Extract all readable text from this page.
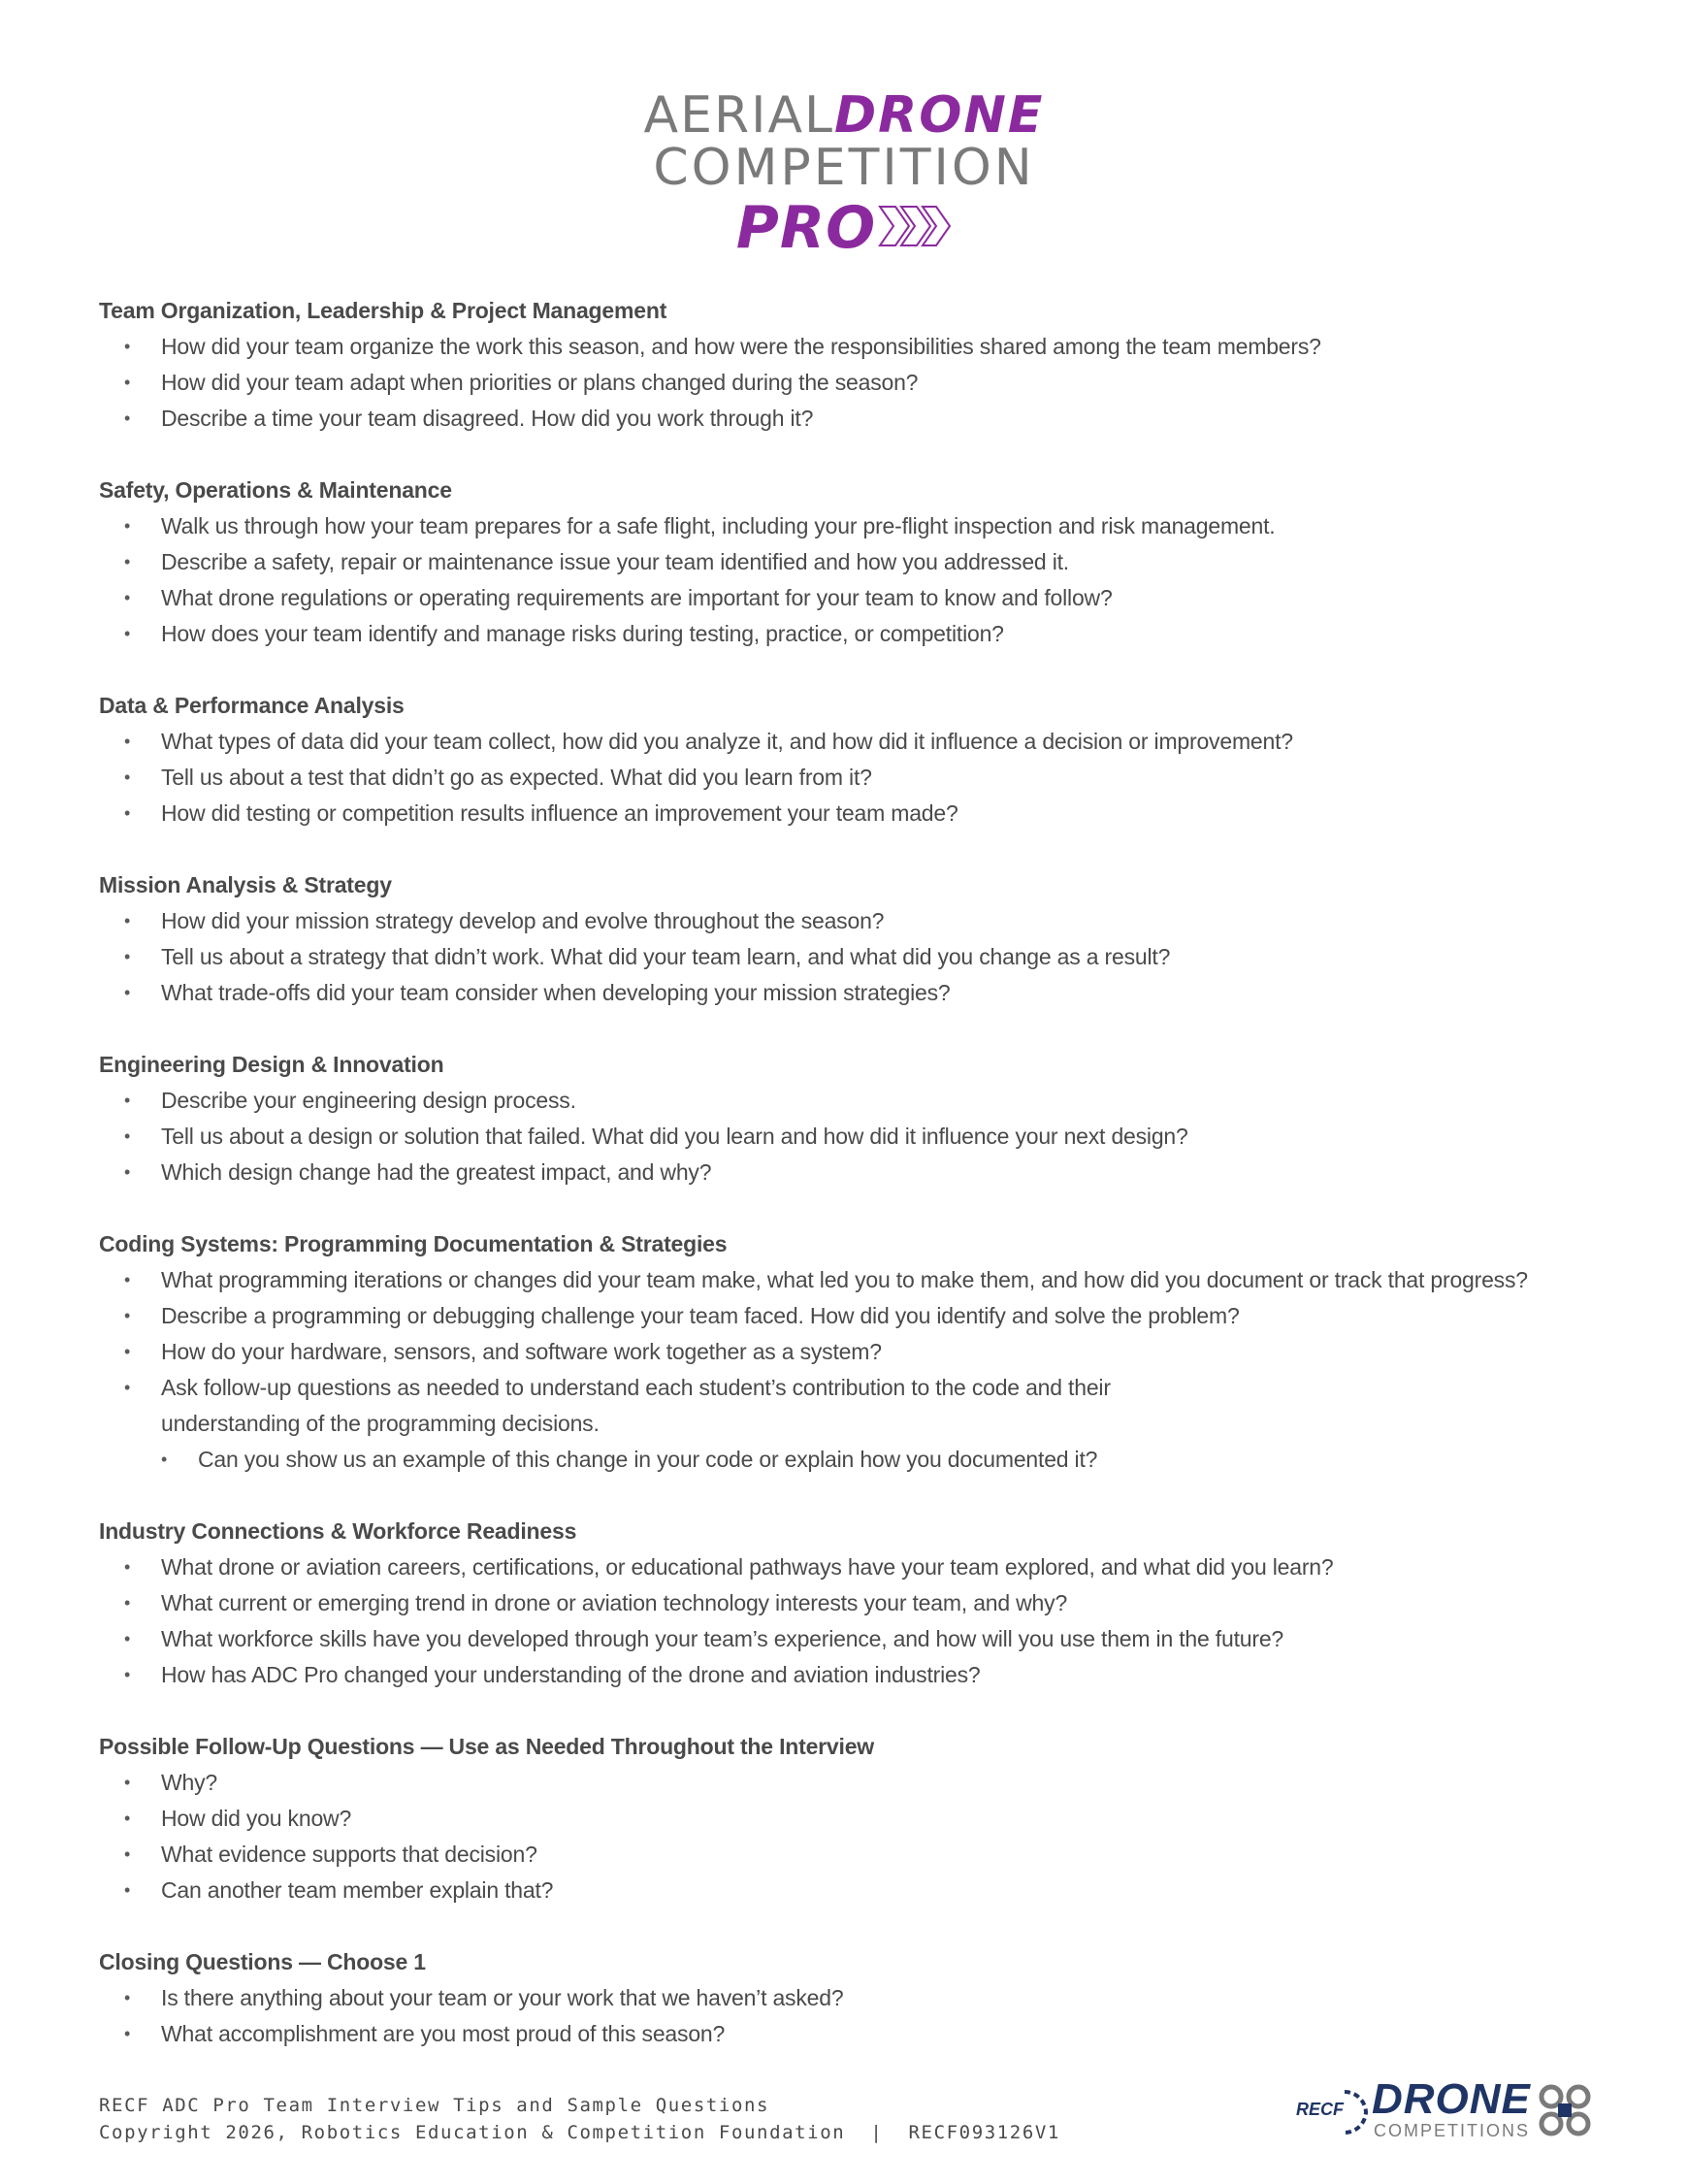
AERIALDRONE
COMPETITION
PRO
Team Organization, Leadership & Project Management
•	How did your team organize the work this season, and how were the responsibilities shared among the team members?
•	How did your team adapt when priorities or plans changed during the season?
•	Describe a time your team disagreed. How did you work through it?
Safety, Operations & Maintenance
•	Walk us through how your team prepares for a safe flight, including your pre-flight inspection and risk management.
•	Describe a safety, repair or maintenance issue your team identified and how you addressed it.
•	What drone regulations or operating requirements are important for your team to know and follow?
•	How does your team identify and manage risks during testing, practice, or competition?
Data & Performance Analysis
•	What types of data did your team collect, how did you analyze it, and how did it influence a decision or improvement?
•	Tell us about a test that didn’t go as expected. What did you learn from it?
•	How did testing or competition results influence an improvement your team made?
Mission Analysis & Strategy
•	How did your mission strategy develop and evolve throughout the season?
•	Tell us about a strategy that didn’t work. What did your team learn, and what did you change as a result?
•	What trade-offs did your team consider when developing your mission strategies?
Engineering Design & Innovation
•	Describe your engineering design process.
•	Tell us about a design or solution that failed. What did you learn and how did it influence your next design?
•	Which design change had the greatest impact, and why?
Coding Systems: Programming Documentation & Strategies
•	What programming iterations or changes did your team make, what led you to make them, and how did you document or track that progress?
•	Describe a programming or debugging challenge your team faced. How did you identify and solve the problem?
•	How do your hardware, sensors, and software work together as a system?
•	Ask follow-up questions as needed to understand each student’s contribution to the code and their understanding of the programming decisions.
•	Can you show us an example of this change in your code or explain how you documented it?
Industry Connections & Workforce Readiness
•	What drone or aviation careers, certifications, or educational pathways have your team explored, and what did you learn?
•	What current or emerging trend in drone or aviation technology interests your team, and why?
•	What workforce skills have you developed through your team’s experience, and how will you use them in the future?
•	How has ADC Pro changed your understanding of the drone and aviation industries?
Possible Follow-Up Questions — Use as Needed Throughout the Interview
•	Why?
•	How did you know?
•	What evidence supports that decision?
•	Can another team member explain that?
Closing Questions — Choose 1
•	Is there anything about your team or your work that we haven’t asked?
•	What accomplishment are you most proud of this season?
RECF ADC Pro Team Interview Tips and Sample Questions
Copyright 2026, Robotics Education & Competition Foundation  |  RECF093126V1
RECF DRONE
COMPETITIONS
